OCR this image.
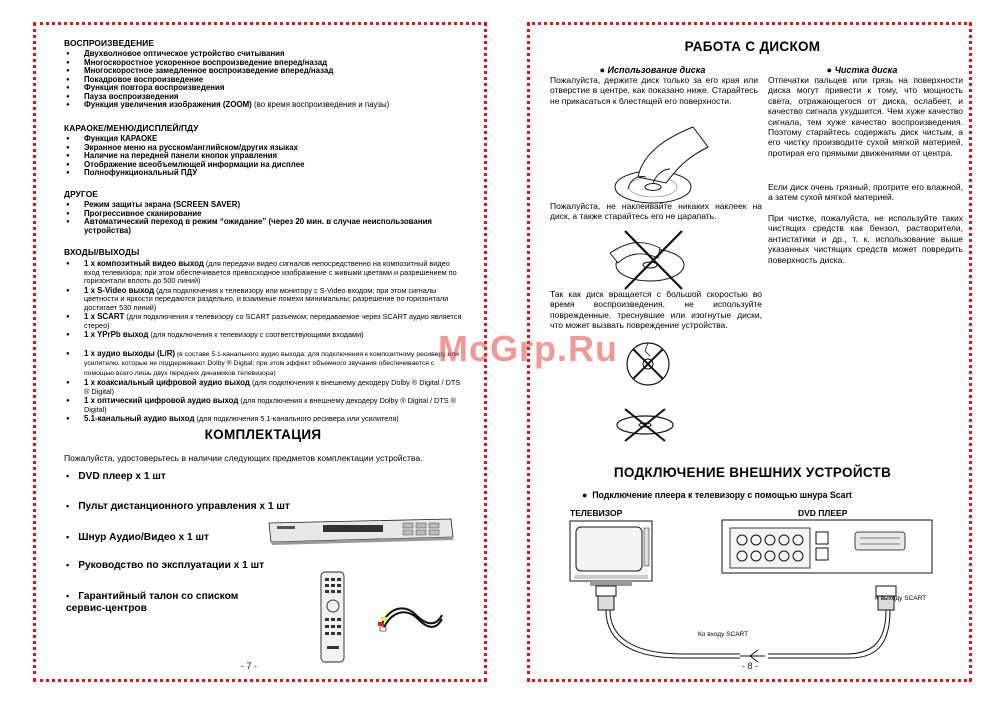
ВОСПРОИЗВЕДЕНИЕ
● Двухволновое оптическое устройство считывания
● Многоскоростное ускоренное воспроизведение вперед/назад
● Многоскоростное замедленное воспроизведение вперед/назад
● Покадровое воспроизведение
● Функция повтора воспроизведения
● Пауза воспроизведения
● Функция увеличения изображения (ZOOM) (во время воспроизведения и паузы)
КАРАОКЕ/МЕНЮ/ДИСПЛЕЙ/ПДУ
● Функция КАРАОКЕ
● Экранное меню на русском/английском/других языках
● Наличие на передней панели кнопок управления
● Отображение всеобъемлющей информации на дисплее
● Полнофункциональный ПДУ
ДРУГОЕ
● Режим защиты экрана (SCREEN SAVER)
● Прогрессивное сканирование
● Автоматический переход в режим “ожидание” (через 20 мин. в случае неиспользования устройства)
ВХОДЫ/ВЫХОДЫ
● 1 x композитный видео выход (для передачи видео сигналов непосредственно на композитный видео вход телевизора; при этом обеспечивается превосходное изображение с живыми цветами и разрешением по горизонтали вплоть до 500 линий)
● 1 x S-Video выход (для подключения к телевизору или монитору с S-Video входом; при этом сигналы цветности и яркости передаются раздельно, и взаимные помехи минимальны; разрешение по горизонтали достигает 530 линий)
● 1 x SCART (для подключения к телевизору со SCART разъемом; передаваемое через SCART аудио является стерео)
● 1 x YPrPb выход (для подключения к телевизору с соответствующими входами)
● 1 x аудио выходы (L/R) (в составе 5.1-канального аудио выхода; для подключения к композитному ресиверу или усилителю, которые не поддерживают Dolby ® Digital; при этом эффект объемного звучания обеспечивается с помощью всего лишь двух передних динамиков телевизора)
● 1 x коаксиальный цифровой аудио выход (для подключения к внешнему декодеру Dolby ® Digital / DTS ® Digital)
● 1 x оптический цифровой аудио выход (для подключения к внешнему декодеру Dolby ® Digital / DTS ® Digital)
● 5.1-канальный аудио выход (для подключения 5.1-канального ресивера или усилителя)
КОМПЛЕКТАЦИЯ
Пожалуйста, удостоверьтесь в наличии следующих предметов комплектации устройства.
▪ DVD плеер х 1 шт
▪ Пульт дистанционного управления х 1 шт
▪ Шнур Аудио/Видео х 1 шт
▪ Руководство по эксплуатации х 1 шт
▪ Гарантийный талон со списком сервис-центров
- 7 -
РАБОТА С ДИСКОМ
● Использование диска	● Чистка диска
Пожалуйста, держите диск только за его края или отверстие в центре, как показано ниже. Старайтесь не прикасаться к блестящей его поверхности.
Пожалуйста, не наклеивайте никаких наклеек на диск, а также старайтесь его не царапать.
Так как диск вращается с большой скоростью во время воспроизведения, не используйте поврежденные, треснувшие или изогнутые диски, что может вызвать повреждение устройства.
Отпечатки пальцев или грязь на поверхности диска могут привести к тому, что мощность света, отражающегося от диска, ослабеет, и качество сигнала ухудшится. Чем хуже качество сигнала, тем хуже качество воспроизведения. Поэтому старайтесь содержать диск чистым, а его чистку производите сухой мягкой материей, протирая его прямыми движениями от центра.
Если диск очень грязный, протрите его влажной, а затем сухой мягкой материей.
При чистке, пожалуйста, не используйте таких чистящих средств как бензол, растворители, антистатики и др., т. к. использование выше указанных чистящих средств может повредить поверхность диска.
ПОДКЛЮЧЕНИЕ ВНЕШНИХ УСТРОЙСТВ
●  Подключение плеера к телевизору с помощью шнура Scart
ТЕЛЕВИЗОР	DVD ПЛЕЕР
К выходу SCART
Ко входу SCART
- 8 -
McGrp.Ru
